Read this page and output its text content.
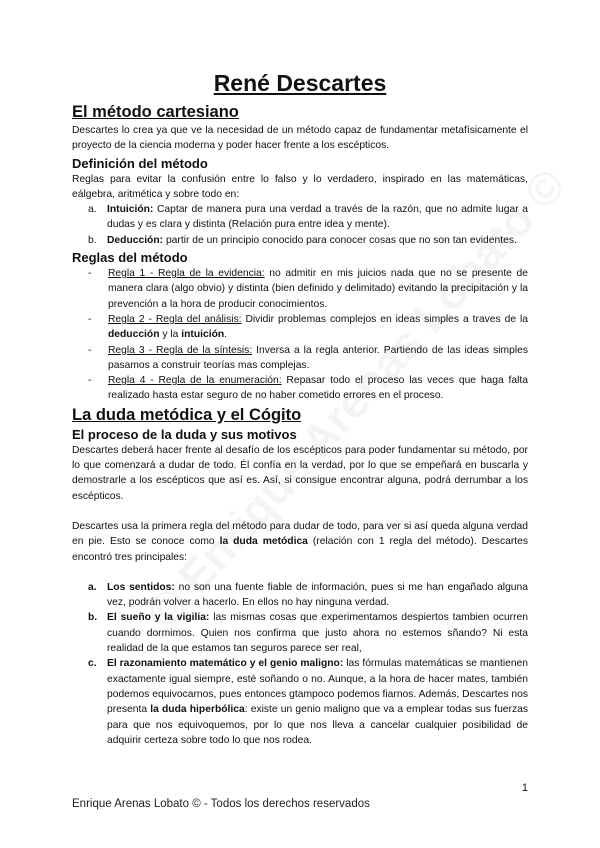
René Descartes
El método cartesiano

Descartes lo crea ya que ve la necesidad de un método capaz de fundamentar metafísicamente el proyecto de la ciencia moderna y poder hacer frente a los escépticos.

Definición del método

Reglas para evitar la confusión entre lo falso y lo verdadero, inspirado en las matemáticas, eálgebra, aritmética y sobre todo en:

a. Intuición: Captar de manera pura una verdad a través de la razón, que no admite lugar a dudas y es clara y distinta (Relación pura entre idea y mente).
b. Deducción: partir de un principio conocido para conocer cosas que no son tan evidentes.
Reglas del método
- Regla 1 - Regla de la evidencia: no admitir en mis juicios nada que no se presente de manera clara (algo obvio) y distinta (bien definido y delimitado) evitando la precipitación y la prevención a la hora de producir conocimientos.
- Regla 2 - Regla del análisis: Dividir problemas complejos en ideas simples a traves de la deducción y la intuición.
- Regla 3 - Regla de la síntesis: Inversa a la regla anterior. Partiendo de las ideas simples pasamos a construir teorías mas complejas.
- Regla 4 - Regla de la enumeración: Repasar todo el proceso las veces que haga falta realizado hasta estar seguro de no haber cometido errores en el proceso.
La duda metódica y el Cógito
El proceso de la duda y sus motivos

Descartes deberá hacer frente al desafío de los escépticos para poder fundamentar su método, por lo que comenzará a dudar de todo. Él confía en la verdad, por lo que se empeñará en buscarla y demostrarle a los escépticos que así es. Así, si consigue encontrar alguna, podrá derrumbar a los escépticos.

Descartes usa la primera regla del método para dudar de todo, para ver si así queda alguna verdad en pie. Esto se conoce como la duda metódica (relación con 1 regla del método). Descartes encontró tres principales:

a. Los sentidos: no son una fuente fiable de información, pues si me han engañado alguna vez, podrán volver a hacerlo. En ellos no hay ninguna verdad.
b. El sueño y la vigilia: las mismas cosas que experimentamos despiertos tambien ocurren cuando dormimos. Quien nos confirma que justo ahora no estemos sñando? Ni esta realidad de la que estamos tan seguros parece ser real,
c. El razonamiento matemático y el genio maligno: las fórmulas matemáticas se mantienen exactamente igual siempre, esté soñando o no. Aunque, a la hora de hacer mates, también podemos equivocarnos, pues entonces gtampoco podemos fiarnos. Además, Descartes nos presenta la duda hiperbólica: existe un genio maligno que va a emplear todas sus fuerzas para que nos equivoquemos, por lo que nos lleva a cancelar cualquier posibilidad de adquirir certeza sobre todo lo que nos rodea.
1
Enrique Arenas Lobato © - Todos los derechos reservados
